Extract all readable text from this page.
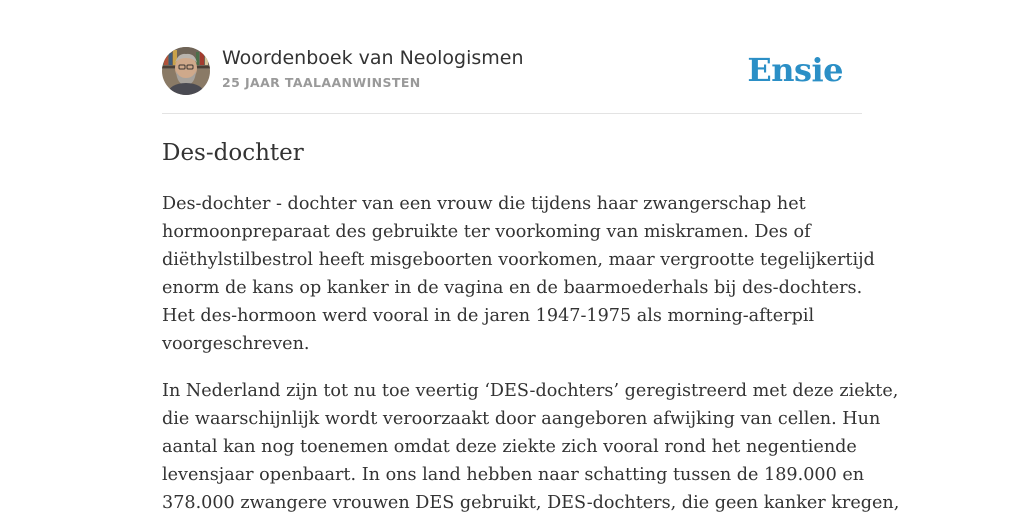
Woordenboek van Neologismen
25 JAAR TAALAANWINSTEN	Ensie
Des-dochter

Des-dochter - dochter van een vrouw die tijdens haar zwangerschap het
hormoonpreparaat des gebruikte ter voorkoming van miskramen. Des of
diëthylstilbestrol heeft misgeboorten voorkomen, maar vergrootte tegelijkertijd
enorm de kans op kanker in de vagina en de baarmoederhals bij des-dochters.
Het des-hormoon werd vooral in de jaren 1947-1975 als morning-afterpil
voorgeschreven.

In Nederland zijn tot nu toe veertig ‘DES-dochters’ geregistreerd met deze ziekte,
die waarschijnlijk wordt veroorzaakt door aangeboren afwijking van cellen. Hun
aantal kan nog toenemen omdat deze ziekte zich vooral rond het negentiende
levensjaar openbaart. In ons land hebben naar schatting tussen de 189.000 en
378.000 zwangere vrouwen DES gebruikt, DES-dochters, die geen kanker kregen,
